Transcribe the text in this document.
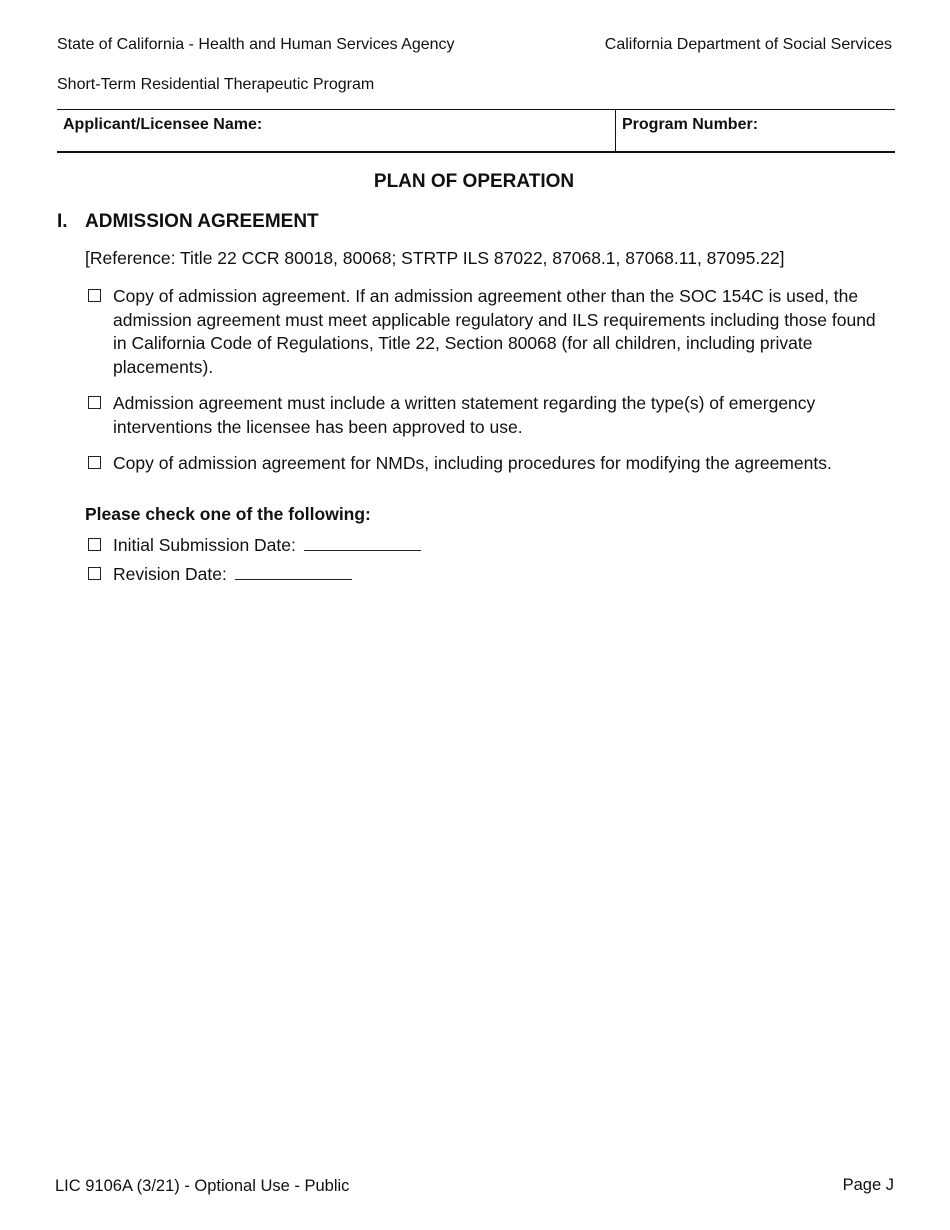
State of California - Health and Human Services Agency	California Department of Social Services
Short-Term Residential Therapeutic Program
Applicant/Licensee Name:	Program Number:
PLAN OF OPERATION
I. ADMISSION AGREEMENT
[Reference: Title 22 CCR 80018, 80068; STRTP ILS 87022, 87068.1, 87068.11, 87095.22]
Copy of admission agreement. If an admission agreement other than the SOC 154C is used, the admission agreement must meet applicable regulatory and ILS requirements including those found in California Code of Regulations, Title 22, Section 80068 (for all children, including private placements).
Admission agreement must include a written statement regarding the type(s) of emergency interventions the licensee has been approved to use.
Copy of admission agreement for NMDs, including procedures for modifying the agreements.
Please check one of the following:
Initial Submission Date:
Revision Date:
LIC 9106A (3/21) - Optional Use - Public	Page J
